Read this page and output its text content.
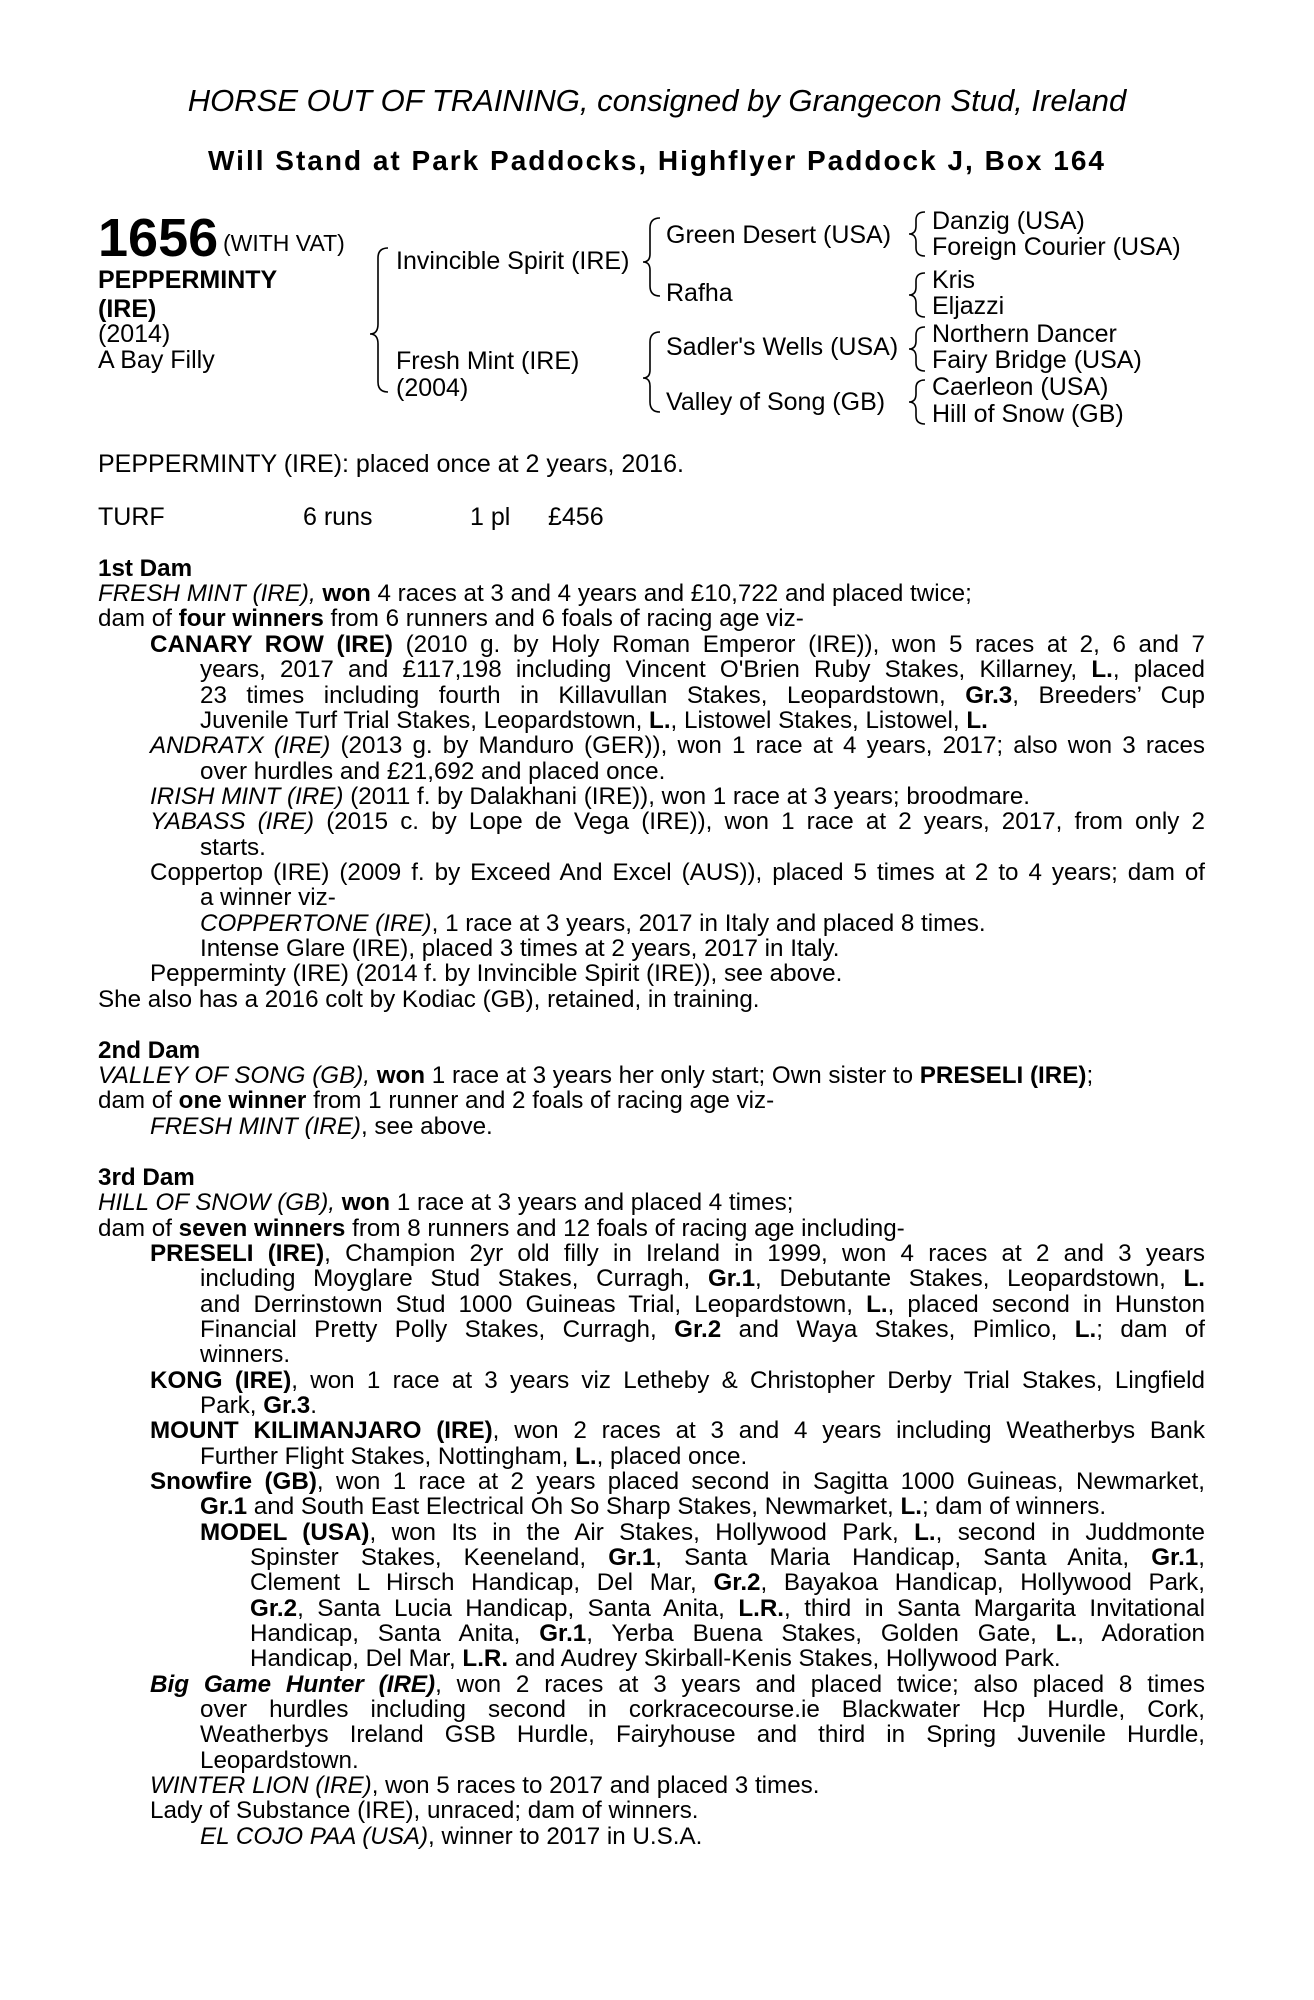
HORSE OUT OF TRAINING, consigned by Grangecon Stud, Ireland
Will Stand at Park Paddocks, Highflyer Paddock J, Box 164
1656 (WITH VAT)
PEPPERMINTY
(IRE)
(2014)
A Bay Filly
Invincible Spirit (IRE)
Fresh Mint (IRE)
(2004)
Green Desert (USA)
Rafha
Sadler's Wells (USA)
Valley of Song (GB)
Danzig (USA)
Foreign Courier (USA)
Kris
Eljazzi
Northern Dancer
Fairy Bridge (USA)
Caerleon (USA)
Hill of Snow (GB)
PEPPERMINTY (IRE): placed once at 2 years, 2016.
TURF	6 runs	1 pl £456
1st Dam
FRESH MINT (IRE), won 4 races at 3 and 4 years and £10,722 and placed twice;
dam of four winners from 6 runners and 6 foals of racing age viz-
CANARY ROW (IRE) (2010 g. by Holy Roman Emperor (IRE)), won 5 races at 2, 6 and 7
years, 2017 and £117,198 including Vincent O'Brien Ruby Stakes, Killarney, L., placed
23 times including fourth in Killavullan Stakes, Leopardstown, Gr.3, Breeders’ Cup
Juvenile Turf Trial Stakes, Leopardstown, L., Listowel Stakes, Listowel, L.
ANDRATX (IRE) (2013 g. by Manduro (GER)), won 1 race at 4 years, 2017; also won 3 races
over hurdles and £21,692 and placed once.
IRISH MINT (IRE) (2011 f. by Dalakhani (IRE)), won 1 race at 3 years; broodmare.
YABASS (IRE) (2015 c. by Lope de Vega (IRE)), won 1 race at 2 years, 2017, from only 2
starts.
Coppertop (IRE) (2009 f. by Exceed And Excel (AUS)), placed 5 times at 2 to 4 years; dam of
a winner viz-
COPPERTONE (IRE), 1 race at 3 years, 2017 in Italy and placed 8 times.
Intense Glare (IRE), placed 3 times at 2 years, 2017 in Italy.
Pepperminty (IRE) (2014 f. by Invincible Spirit (IRE)), see above.
She also has a 2016 colt by Kodiac (GB), retained, in training.
2nd Dam
VALLEY OF SONG (GB), won 1 race at 3 years her only start; Own sister to PRESELI (IRE);
dam of one winner from 1 runner and 2 foals of racing age viz-
FRESH MINT (IRE), see above.
3rd Dam
HILL OF SNOW (GB), won 1 race at 3 years and placed 4 times;
dam of seven winners from 8 runners and 12 foals of racing age including-
PRESELI (IRE), Champion 2yr old filly in Ireland in 1999, won 4 races at 2 and 3 years
including Moyglare Stud Stakes, Curragh, Gr.1, Debutante Stakes, Leopardstown, L.
and Derrinstown Stud 1000 Guineas Trial, Leopardstown, L., placed second in Hunston
Financial Pretty Polly Stakes, Curragh, Gr.2 and Waya Stakes, Pimlico, L.; dam of
winners.
KONG (IRE), won 1 race at 3 years viz Letheby & Christopher Derby Trial Stakes, Lingfield
Park, Gr.3.
MOUNT KILIMANJARO (IRE), won 2 races at 3 and 4 years including Weatherbys Bank
Further Flight Stakes, Nottingham, L., placed once.
Snowfire (GB), won 1 race at 2 years placed second in Sagitta 1000 Guineas, Newmarket,
Gr.1 and South East Electrical Oh So Sharp Stakes, Newmarket, L.; dam of winners.
MODEL (USA), won Its in the Air Stakes, Hollywood Park, L., second in Juddmonte
Spinster Stakes, Keeneland, Gr.1, Santa Maria Handicap, Santa Anita, Gr.1,
Clement L Hirsch Handicap, Del Mar, Gr.2, Bayakoa Handicap, Hollywood Park,
Gr.2, Santa Lucia Handicap, Santa Anita, L.R., third in Santa Margarita Invitational
Handicap, Santa Anita, Gr.1, Yerba Buena Stakes, Golden Gate, L., Adoration
Handicap, Del Mar, L.R. and Audrey Skirball-Kenis Stakes, Hollywood Park.
Big Game Hunter (IRE), won 2 races at 3 years and placed twice; also placed 8 times
over hurdles including second in corkracecourse.ie Blackwater Hcp Hurdle, Cork,
Weatherbys Ireland GSB Hurdle, Fairyhouse and third in Spring Juvenile Hurdle,
Leopardstown.
WINTER LION (IRE), won 5 races to 2017 and placed 3 times.
Lady of Substance (IRE), unraced; dam of winners.
EL COJO PAA (USA), winner to 2017 in U.S.A.
